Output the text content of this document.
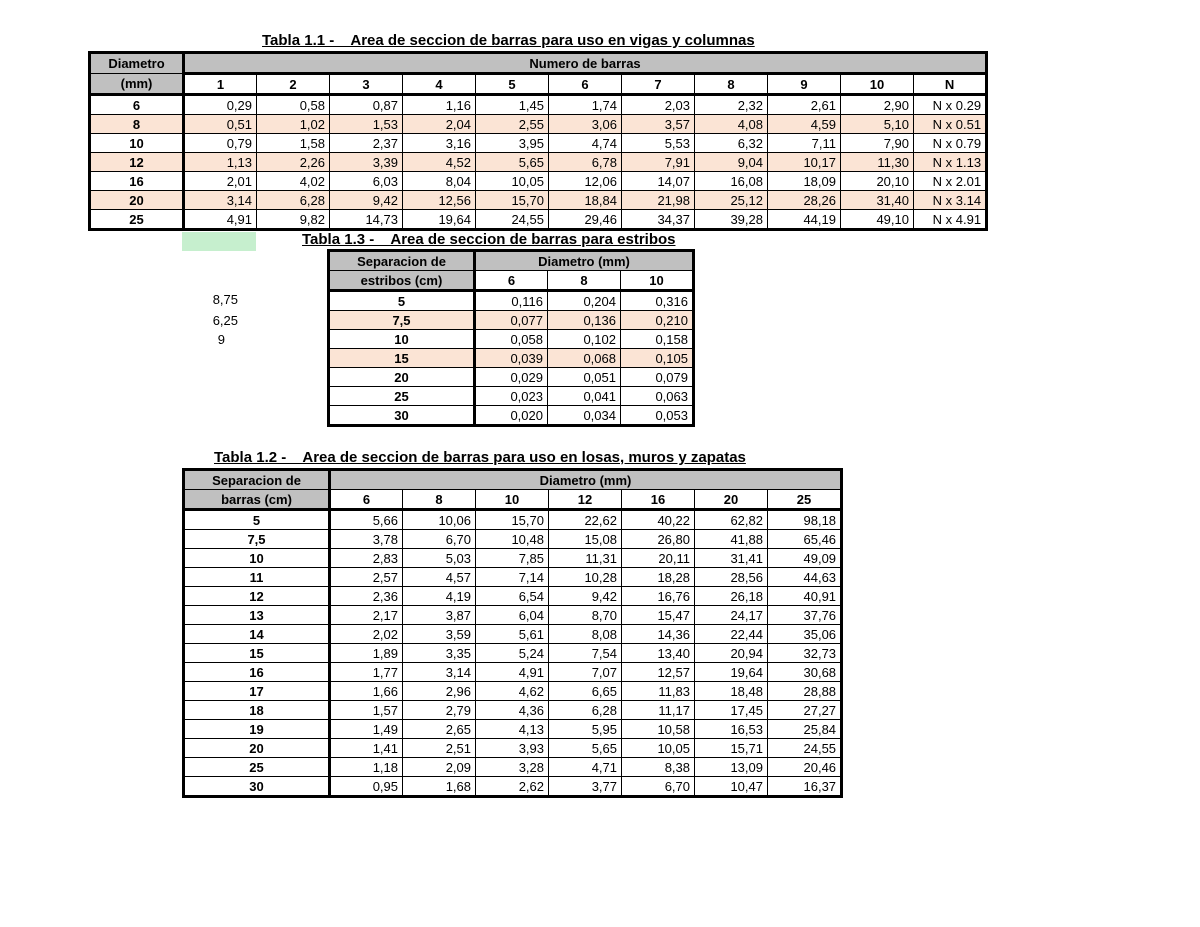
Tabla 1.1 -    Area de seccion de barras para uso en vigas y columnas
Diametro	Numero de barras										
(mm)	1	2	3	4	5	6	7	8	9	10	N
6	0,29	0,58	0,87	1,16	1,45	1,74	2,03	2,32	2,61	2,90	N x 0.29
8	0,51	1,02	1,53	2,04	2,55	3,06	3,57	4,08	4,59	5,10	N x 0.51
10	0,79	1,58	2,37	3,16	3,95	4,74	5,53	6,32	7,11	7,90	N x 0.79
12	1,13	2,26	3,39	4,52	5,65	6,78	7,91	9,04	10,17	11,30	N x 1.13
16	2,01	4,02	6,03	8,04	10,05	12,06	14,07	16,08	18,09	20,10	N x 2.01
20	3,14	6,28	9,42	12,56	15,70	18,84	21,98	25,12	28,26	31,40	N x 3.14
25	4,91	9,82	14,73	19,64	24,55	29,46	34,37	39,28	44,19	49,10	N x 4.91
Tabla 1.3 -    Area de seccion de barras para estribos
Separacion de	Diametro (mm)		
estribos (cm)	6	8	10
5	0,116	0,204	0,316
7,5	0,077	0,136	0,210
10	0,058	0,102	0,158
15	0,039	0,068	0,105
20	0,029	0,051	0,079
25	0,023	0,041	0,063
30	0,020	0,034	0,053
8,75
6,25
9
Tabla 1.2 -    Area de seccion de barras para uso en losas, muros y zapatas
Separacion de	Diametro (mm)						
barras (cm)	6	8	10	12	16	20	25
5	5,66	10,06	15,70	22,62	40,22	62,82	98,18
7,5	3,78	6,70	10,48	15,08	26,80	41,88	65,46
10	2,83	5,03	7,85	11,31	20,11	31,41	49,09
11	2,57	4,57	7,14	10,28	18,28	28,56	44,63
12	2,36	4,19	6,54	9,42	16,76	26,18	40,91
13	2,17	3,87	6,04	8,70	15,47	24,17	37,76
14	2,02	3,59	5,61	8,08	14,36	22,44	35,06
15	1,89	3,35	5,24	7,54	13,40	20,94	32,73
16	1,77	3,14	4,91	7,07	12,57	19,64	30,68
17	1,66	2,96	4,62	6,65	11,83	18,48	28,88
18	1,57	2,79	4,36	6,28	11,17	17,45	27,27
19	1,49	2,65	4,13	5,95	10,58	16,53	25,84
20	1,41	2,51	3,93	5,65	10,05	15,71	24,55
25	1,18	2,09	3,28	4,71	8,38	13,09	20,46
30	0,95	1,68	2,62	3,77	6,70	10,47	16,37
